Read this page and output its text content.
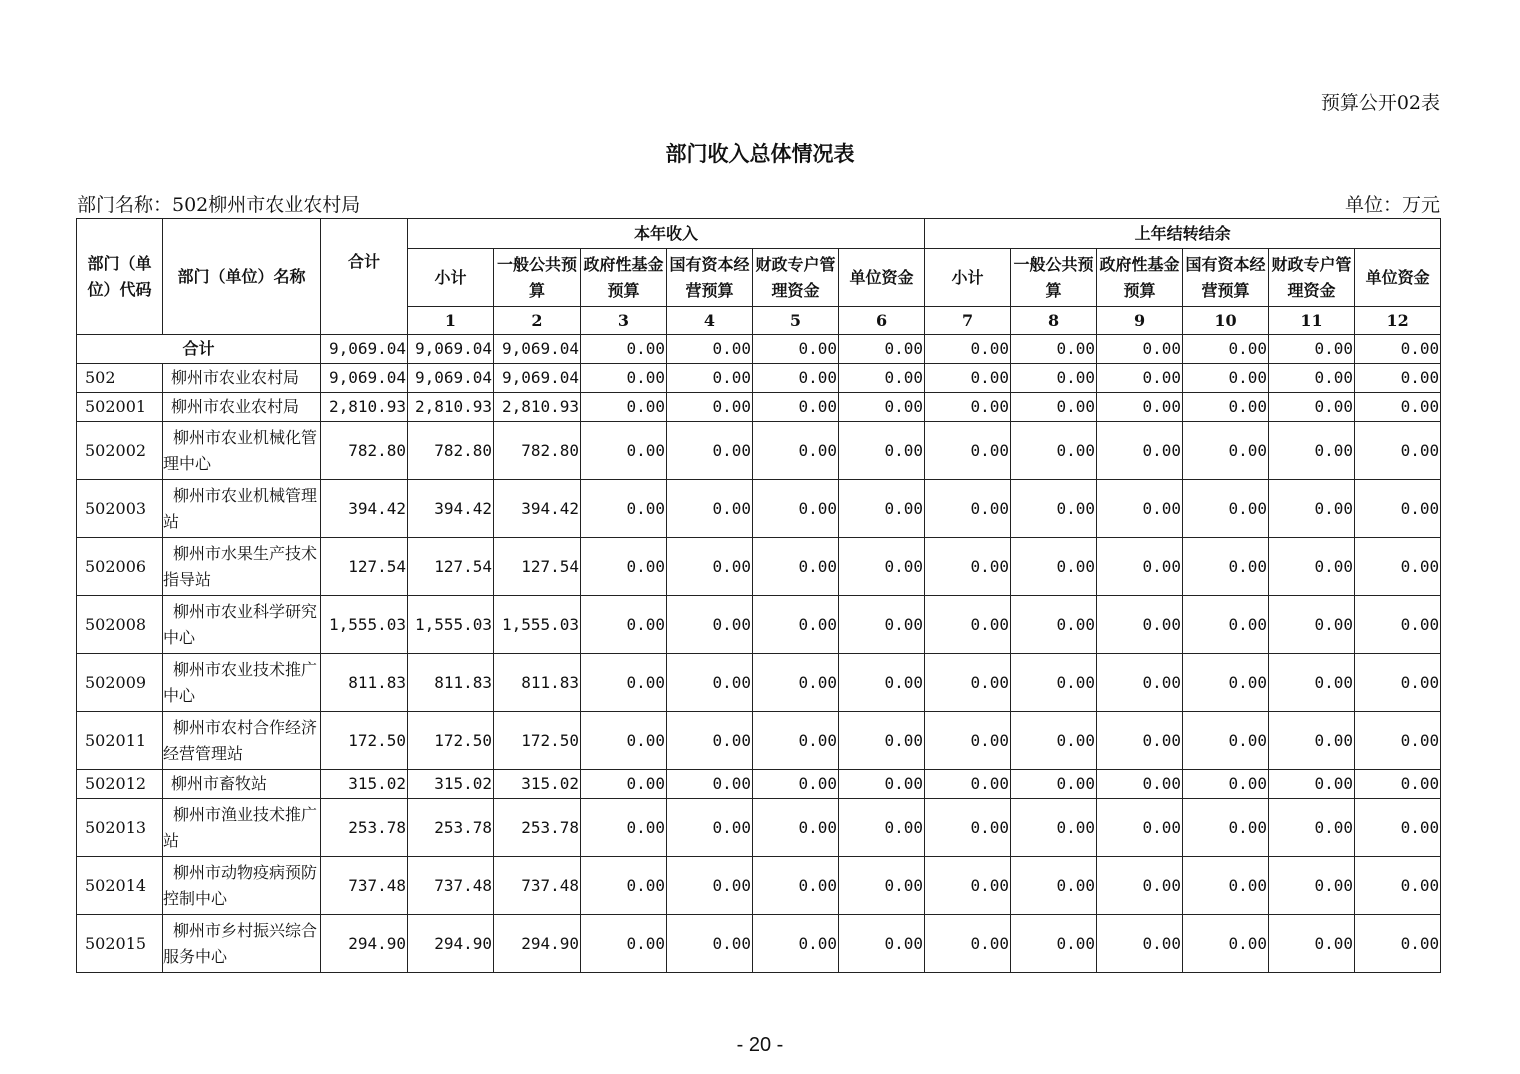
预算公开02表
部门收入总体情况表
部门名称：502柳州市农业农村局	单位：万元
部门（单位）代码	部门（单位）名称	合计	本年收入						上年结转结余						
			小计	一般公共预算	政府性基金预算	国有资本经营预算	财政专户管理资金	单位资金	小计	一般公共预算	政府性基金预算	国有资本经营预算	财政专户管理资金	单位资金	
			1	2	3	4	5	6	7	8	9	10	11	12	
合计		9,069.04	9,069.04	9,069.04	0.00	0.00	0.00	0.00	0.00	0.00	0.00	0.00	0.00	0.00	
502	柳州市农业农村局	9,069.04	9,069.04	9,069.04	0.00	0.00	0.00	0.00	0.00	0.00	0.00	0.00	0.00	0.00	
502001	柳州市农业农村局	2,810.93	2,810.93	2,810.93	0.00	0.00	0.00	0.00	0.00	0.00	0.00	0.00	0.00	0.00	
502002	柳州市农业机械化管理中心	782.80	782.80	782.80	0.00	0.00	0.00	0.00	0.00	0.00	0.00	0.00	0.00	0.00	
502003	柳州市农业机械管理站	394.42	394.42	394.42	0.00	0.00	0.00	0.00	0.00	0.00	0.00	0.00	0.00	0.00	
502006	柳州市水果生产技术指导站	127.54	127.54	127.54	0.00	0.00	0.00	0.00	0.00	0.00	0.00	0.00	0.00	0.00	
502008	柳州市农业科学研究中心	1,555.03	1,555.03	1,555.03	0.00	0.00	0.00	0.00	0.00	0.00	0.00	0.00	0.00	0.00	
502009	柳州市农业技术推广中心	811.83	811.83	811.83	0.00	0.00	0.00	0.00	0.00	0.00	0.00	0.00	0.00	0.00	
502011	柳州市农村合作经济经营管理站	172.50	172.50	172.50	0.00	0.00	0.00	0.00	0.00	0.00	0.00	0.00	0.00	0.00	
502012	柳州市畜牧站	315.02	315.02	315.02	0.00	0.00	0.00	0.00	0.00	0.00	0.00	0.00	0.00	0.00	
502013	柳州市渔业技术推广站	253.78	253.78	253.78	0.00	0.00	0.00	0.00	0.00	0.00	0.00	0.00	0.00	0.00	
502014	柳州市动物疫病预防控制中心	737.48	737.48	737.48	0.00	0.00	0.00	0.00	0.00	0.00	0.00	0.00	0.00	0.00	
502015	柳州市乡村振兴综合服务中心	294.90	294.90	294.90	0.00	0.00	0.00	0.00	0.00	0.00	0.00	0.00	0.00	0.00	
- 20 -
